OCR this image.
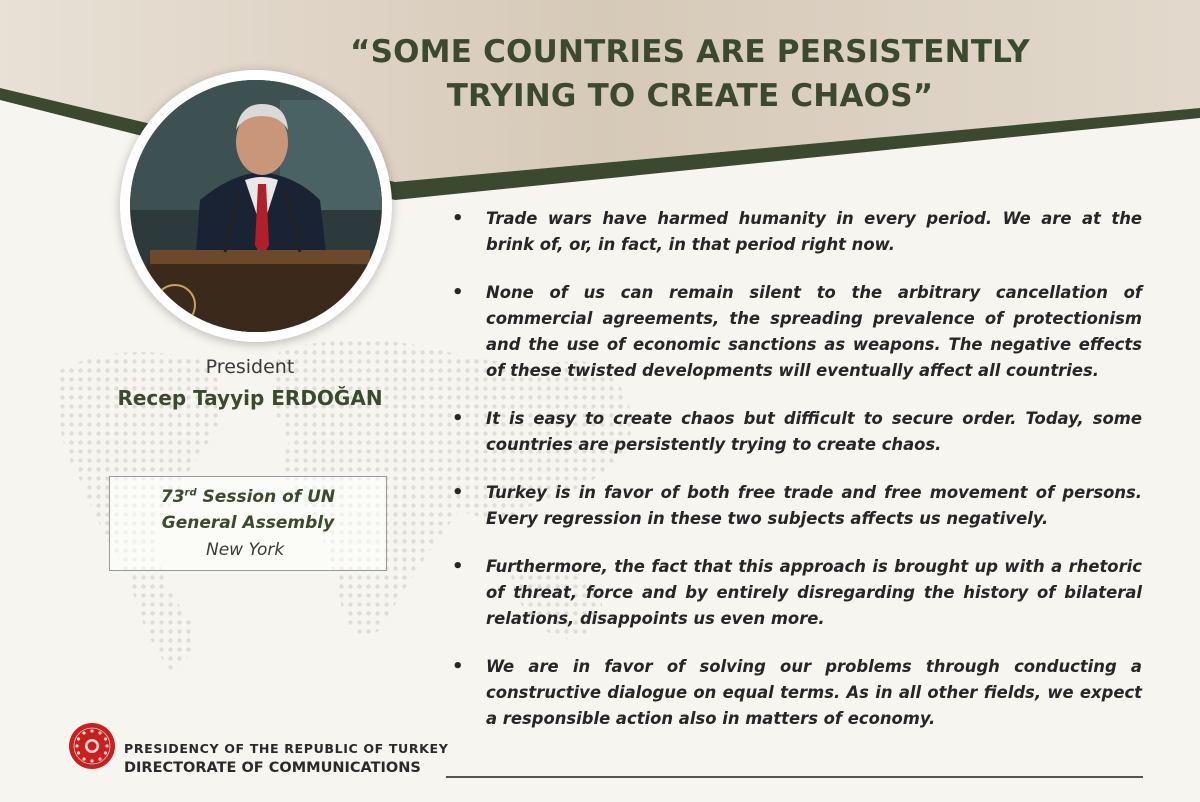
“SOME COUNTRIES ARE PERSISTENTLY
TRYING TO CREATE CHAOS”
President
Recep Tayyip ERDOĞAN
73rd Session of UN
General Assembly
New York
• Trade wars have harmed humanity in every period. We are at the brink of, or, in fact, in that period right now.
• None of us can remain silent to the arbitrary cancellation of commercial agreements, the spreading prevalence of protectionism and the use of economic sanctions as weapons. The negative effects of these twisted developments will eventually affect all countries.
• It is easy to create chaos but difficult to secure order. Today, some countries are persistently trying to create chaos.
• Turkey is in favor of both free trade and free movement of persons. Every regression in these two subjects affects us negatively.
• Furthermore, the fact that this approach is brought up with a rhetoric of threat, force and by entirely disregarding the history of bilateral relations, disappoints us even more.
• We are in favor of solving our problems through conducting a constructive dialogue on equal terms. As in all other fields, we expect a responsible action also in matters of economy.
PRESIDENCY OF THE REPUBLIC OF TURKEY
DIRECTORATE OF COMMUNICATIONS
